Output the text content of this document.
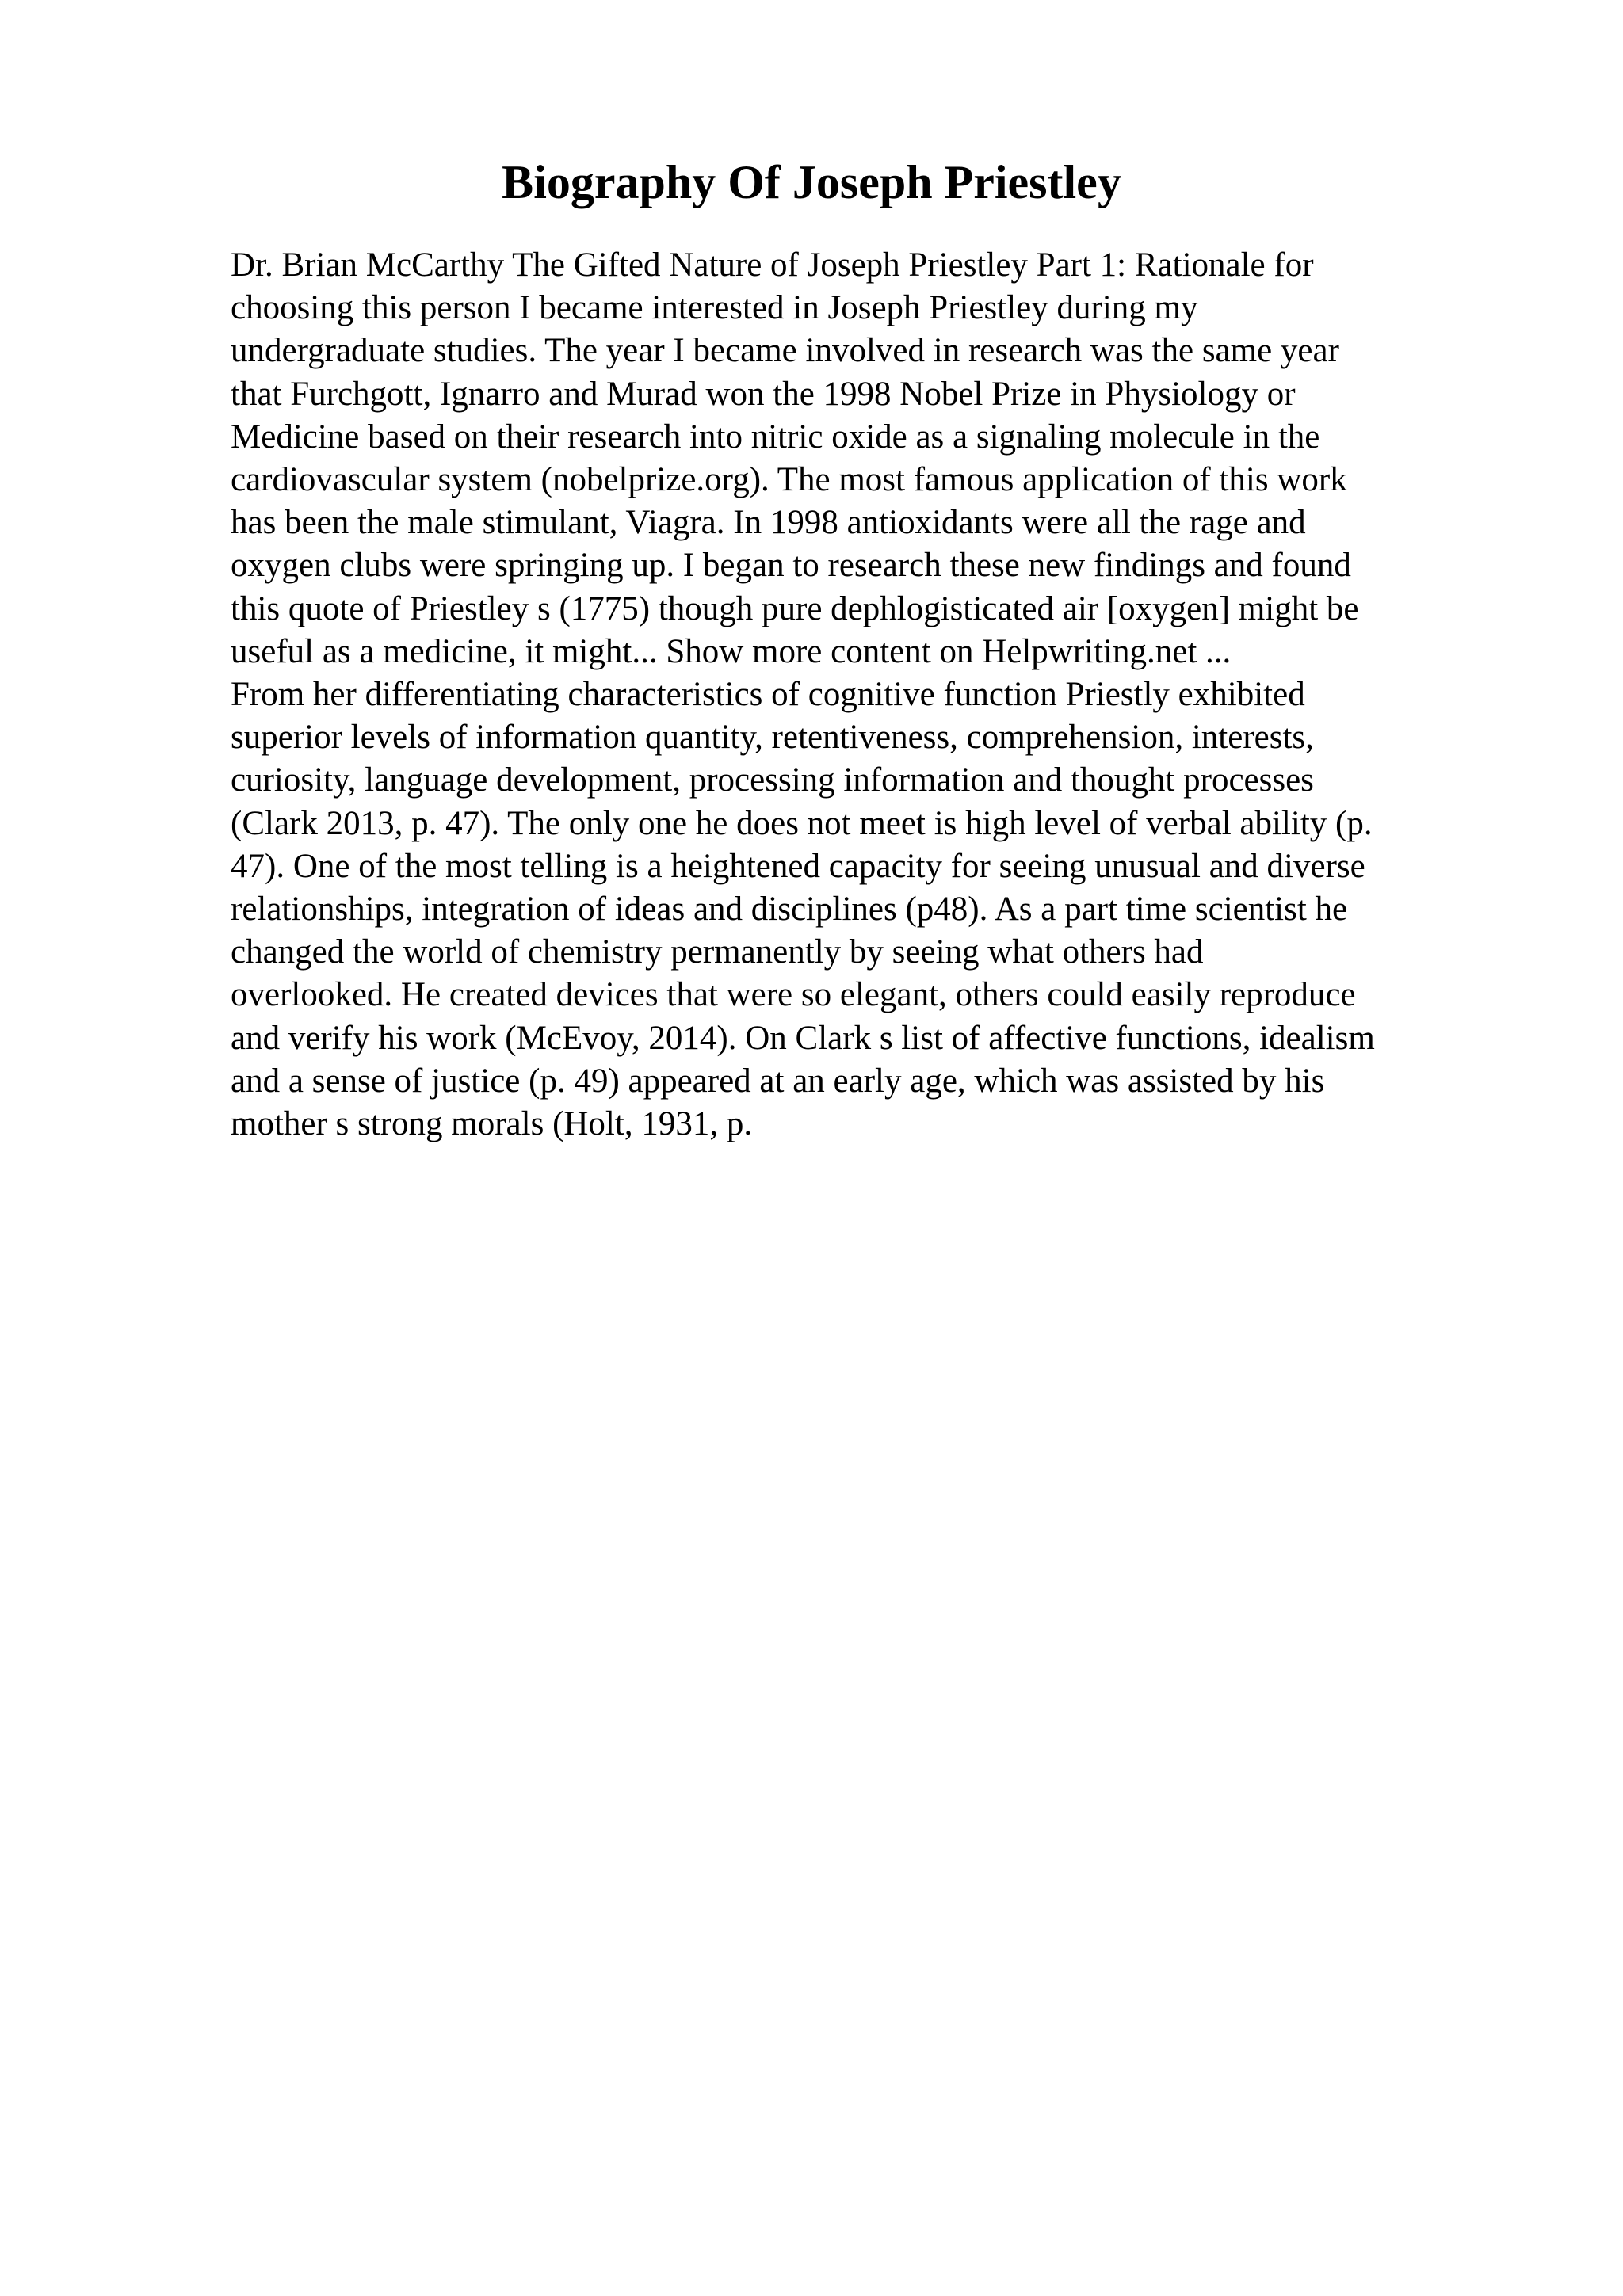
Biography Of Joseph Priestley
Dr. Brian McCarthy The Gifted Nature of Joseph Priestley Part 1: Rationale for
choosing this person I became interested in Joseph Priestley during my
undergraduate studies. The year I became involved in research was the same year
that Furchgott, Ignarro and Murad won the 1998 Nobel Prize in Physiology or
Medicine based on their research into nitric oxide as a signaling molecule in the
cardiovascular system (nobelprize.org). The most famous application of this work
has been the male stimulant, Viagra. In 1998 antioxidants were all the rage and
oxygen clubs were springing up. I began to research these new findings and found
this quote of Priestley s (1775) though pure dephlogisticated air [oxygen] might be
useful as a medicine, it might... Show more content on Helpwriting.net ...
From her differentiating characteristics of cognitive function Priestly exhibited
superior levels of information quantity, retentiveness, comprehension, interests,
curiosity, language development, processing information and thought processes
(Clark 2013, p. 47). The only one he does not meet is high level of verbal ability (p.
47). One of the most telling is a heightened capacity for seeing unusual and diverse
relationships, integration of ideas and disciplines (p48). As a part time scientist he
changed the world of chemistry permanently by seeing what others had
overlooked. He created devices that were so elegant, others could easily reproduce
and verify his work (McEvoy, 2014). On Clark s list of affective functions, idealism
and a sense of justice (p. 49) appeared at an early age, which was assisted by his
mother s strong morals (Holt, 1931, p.
